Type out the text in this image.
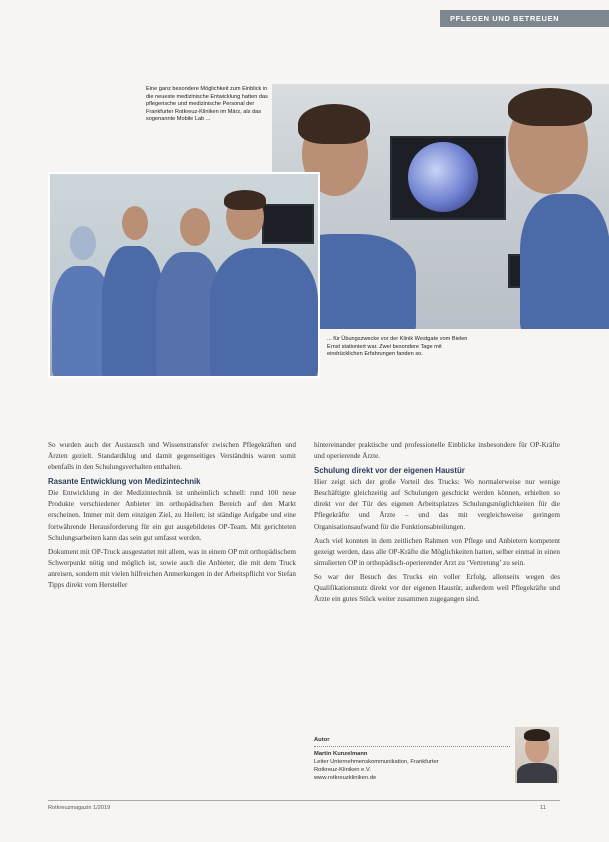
PFLEGEN UND BETREUEN
Eine ganz besondere Möglichkeit zum Einblick in die neueste medizinische Entwicklung hatten das pflegerische und medizinische Personal der Frankfurter Rotkreuz-Kliniken im März, als das sogenannte Mobile Lab ...
... für Übungszwecke vor der Klinik Westgate vom Bielen Ernst stationiert war. Zwei besondere Tage mit eindrücklichen Erfahrungen fanden so.

So wurden auch der Austausch und Wissenstransfer zwischen Pflegekräften und Ärzten gezielt. Standardklug und damit gegenseitiges Verständnis waren somit ebenfalls in den Schulungsverhalten enthalten.

Rasante Entwicklung von Medizintechnik

Die Entwicklung in der Medizintechnik ist unheimlich schnell: rund 100 neue Produkte verschiedener Anbieter im orthopädischen Bereich auf den Markt erscheinen. Immer mit dem einzigen Ziel, zu Heilen; ist ständige Aufgabe und eine fortwährende Herausforderung für ein gut ausgebildetes OP-Team. Mit gerichteten Schulungsarbeiten kann das sein gut umfasst werden.

Dokument mit OP-Truck ausgestattet mit allem, was in einem OP mit orthopädischem Schwerpunkt nötig und möglich ist, sowie auch die Anbieter, die mit dem Truck anreisen, sondern mit vielen hilfreichen Anmerkungen in der Arbeitspflicht vor Stefan Tipps direkt vom Hersteller

hintereinander praktische und professionelle Einblicke insbesondere für OP-Kräfte und operierende Ärzte.

Schulung direkt vor der eigenen Haustür

Hier zeigt sich der große Vorteil des Trucks: Wo normalerweise nur wenige Beschäftigte gleichzeitig auf Schulungen geschickt werden können, erhielten so direkt vor der Tür des eigenen Arbeitsplatzes Schulungsmöglichkeiten für die Pflegekräfte und Ärzte – und das mit vergleichsweise geringem Organisationsaufwand für die Funktionsabteilungen.

Auch viel konnten in dem zeitlichen Rahmen von Pflege und Anbietern kompetent gezeigt werden, dass alle OP-Kräfte die Möglichkeiten hatten, selber einmal in einen simulierten OP in orthopädisch-operierender Arzt zu ‘Vertretung’ zu sein.

So war der Besuch des Trucks ein voller Erfolg, allenseits wegen des Qualifikationsnutz direkt vor der eigenen Haustür, außerdem weil Pflegekräfte und Ärzte ein gutes Stück weiter zusammen zugegangen sind.

Autor
Martin Kunzelmann
Leiter Unternehmenskommunikation, Frankfurter
Rotkreuz-Kliniken e.V.
www.rotkreuzkliniken.de
Rotkreuzmagazin 1/2019	11
